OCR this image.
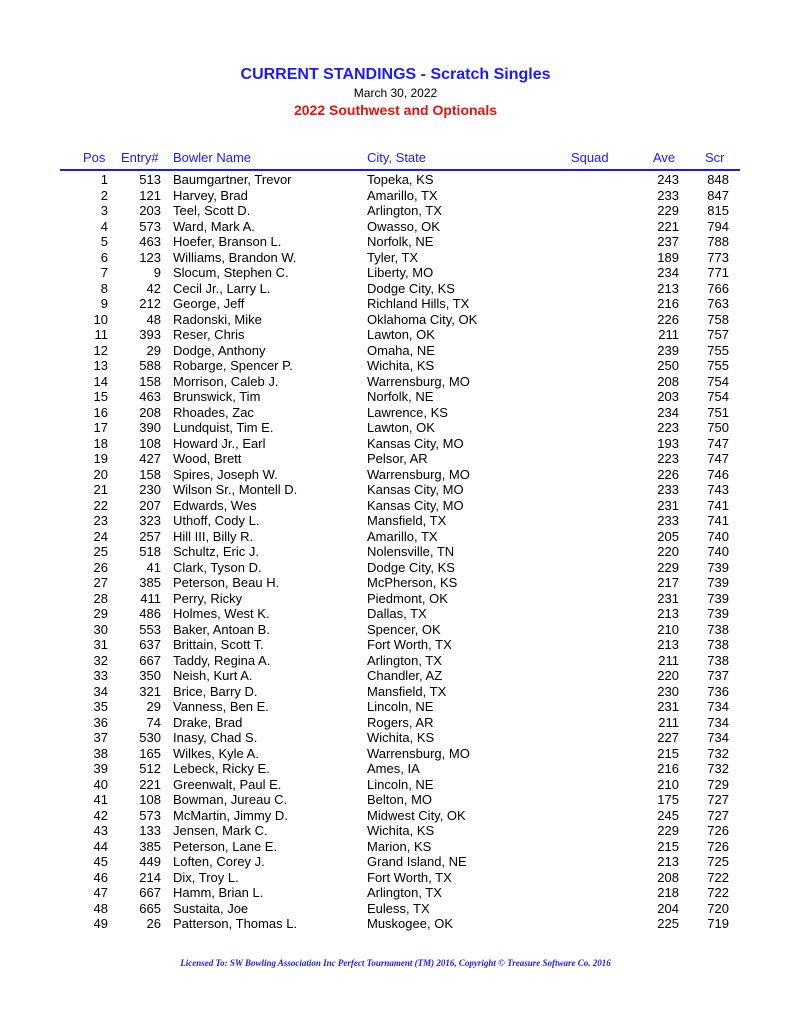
CURRENT STANDINGS - Scratch Singles
March 30, 2022
2022 Southwest and Optionals
Pos Entry# Bowler Name	City, State	Squad	Ave Scr
1 513 Baumgartner, Trevor	Topeka, KS	243 848
2 121 Harvey, Brad	Amarillo, TX	233 847
3 203 Teel, Scott D.	Arlington, TX	229 815
4 573 Ward, Mark A.	Owasso, OK	221 794
5 463 Hoefer, Branson L.	Norfolk, NE	237 788
6 123 Williams, Brandon W.	Tyler, TX	189 773
7	9 Slocum, Stephen C.	Liberty, MO	234 771
8	42 Cecil Jr., Larry L.	Dodge City, KS	213 766
9 212 George, Jeff	Richland Hills, TX	216 763
10	48 Radonski, Mike	Oklahoma City, OK	226 758
11 393 Reser, Chris	Lawton, OK	211 757
12	29 Dodge, Anthony	Omaha, NE	239 755
13 588 Robarge, Spencer P.	Wichita, KS	250 755
14 158 Morrison, Caleb J.	Warrensburg, MO	208 754
15 463 Brunswick, Tim	Norfolk, NE	203 754
16 208 Rhoades, Zac	Lawrence, KS	234 751
17 390 Lundquist, Tim E.	Lawton, OK	223 750
18 108 Howard Jr., Earl	Kansas City, MO	193 747
19 427 Wood, Brett	Pelsor, AR	223 747
20 158 Spires, Joseph W.	Warrensburg, MO	226 746
21 230 Wilson Sr., Montell D.	Kansas City, MO	233 743
22 207 Edwards, Wes	Kansas City, MO	231 741
23 323 Uthoff, Cody L.	Mansfield, TX	233 741
24 257 Hill III, Billy R.	Amarillo, TX	205 740
25 518 Schultz, Eric J.	Nolensville, TN	220 740
26	41 Clark, Tyson D.	Dodge City, KS	229 739
27 385 Peterson, Beau H.	McPherson, KS	217 739
28 411 Perry, Ricky	Piedmont, OK	231 739
29 486 Holmes, West K.	Dallas, TX	213 739
30 553 Baker, Antoan B.	Spencer, OK	210 738
31 637 Brittain, Scott T.	Fort Worth, TX	213 738
32 667 Taddy, Regina A.	Arlington, TX	211 738
33 350 Neish, Kurt A.	Chandler, AZ	220 737
34 321 Brice, Barry D.	Mansfield, TX	230 736
35	29 Vanness, Ben E.	Lincoln, NE	231 734
36	74 Drake, Brad	Rogers, AR	211 734
37 530 Inasy, Chad S.	Wichita, KS	227 734
38 165 Wilkes, Kyle A.	Warrensburg, MO	215 732
39 512 Lebeck, Ricky E.	Ames, IA	216 732
40 221 Greenwalt, Paul E.	Lincoln, NE	210 729
41 108 Bowman, Jureau C.	Belton, MO	175 727
42 573 McMartin, Jimmy D.	Midwest City, OK	245 727
43 133 Jensen, Mark C.	Wichita, KS	229 726
44 385 Peterson, Lane E.	Marion, KS	215 726
45 449 Loften, Corey J.	Grand Island, NE	213 725
46 214 Dix, Troy L.	Fort Worth, TX	208 722
47 667 Hamm, Brian L.	Arlington, TX	218 722
48 665 Sustaita, Joe	Euless, TX	204 720
49	26 Patterson, Thomas L.	Muskogee, OK	225 719
Licensed To: SW Bowling Association Inc Perfect Tournament (TM) 2016, Copyright © Treasure Software Co. 2016
